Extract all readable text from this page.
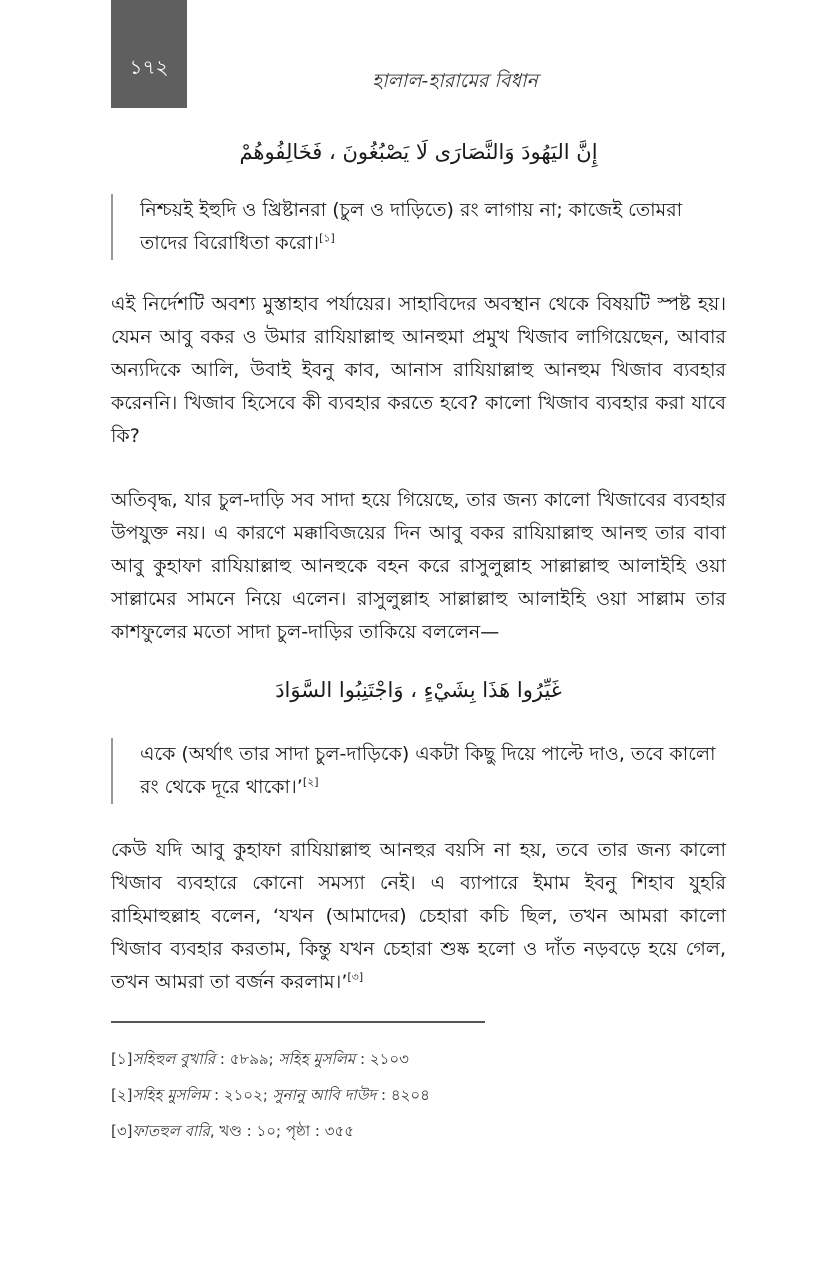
১৭২
হালাল-হারামের বিধান
إِنَّ اليَهُودَ وَالنَّصَارَى لَا يَصْبُغُونَ ، فَخَالِفُوهُمْ
নিশ্চয়ই ইহুদি ও খ্রিষ্টানরা (চুল ও দাড়িতে) রং লাগায় না; কাজেই তোমরা তাদের বিরোধিতা করো।[১]
এই নির্দেশটি অবশ্য মুস্তাহাব পর্যায়ের। সাহাবিদের অবস্থান থেকে বিষয়টি স্পষ্ট হয়। যেমন আবু বকর ও উমার রাযিয়াল্লাহু আনহুমা প্রমুখ খিজাব লাগিয়েছেন, আবার অন্যদিকে আলি, উবাই ইবনু কাব, আনাস রাযিয়াল্লাহু আনহুম খিজাব ব্যবহার করেননি। খিজাব হিসেবে কী ব্যবহার করতে হবে? কালো খিজাব ব্যবহার করা যাবে কি?
অতিবৃদ্ধ, যার চুল-দাড়ি সব সাদা হয়ে গিয়েছে, তার জন্য কালো খিজাবের ব্যবহার উপযুক্ত নয়। এ কারণে মক্কাবিজয়ের দিন আবু বকর রাযিয়াল্লাহু আনহু তার বাবা আবু কুহাফা রাযিয়াল্লাহু আনহুকে বহন করে রাসুলুল্লাহ সাল্লাল্লাহু আলাইহি ওয়া সাল্লামের সামনে নিয়ে এলেন। রাসুলুল্লাহ সাল্লাল্লাহু আলাইহি ওয়া সাল্লাম তার কাশফুলের মতো সাদা চুল-দাড়ির তাকিয়ে বললেন—
غَيِّرُوا هَذَا بِشَيْءٍ ، وَاجْتَنِبُوا السَّوَادَ
একে (অর্থাৎ তার সাদা চুল-দাড়িকে) একটা কিছু দিয়ে পাল্টে দাও, তবে কালো রং থেকে দূরে থাকো।’[২]
কেউ যদি আবু কুহাফা রাযিয়াল্লাহু আনহুর বয়সি না হয়, তবে তার জন্য কালো খিজাব ব্যবহারে কোনো সমস্যা নেই। এ ব্যাপারে ইমাম ইবনু শিহাব যুহরি রাহিমাহুল্লাহ বলেন, ‘যখন (আমাদের) চেহারা কচি ছিল, তখন আমরা কালো খিজাব ব্যবহার করতাম, কিন্তু যখন চেহারা শুষ্ক হলো ও দাঁত নড়বড়ে হয়ে গেল, তখন আমরা তা বর্জন করলাম।’[৩]
[১]সহিহুল বুখারি : ৫৮৯৯; সহিহ মুসলিম : ২১০৩
[২]সহিহ মুসলিম : ২১০২; সুনানু আবি দাউদ : ৪২০৪
[৩]ফাতহুল বারি, খণ্ড : ১০; পৃষ্ঠা : ৩৫৫
